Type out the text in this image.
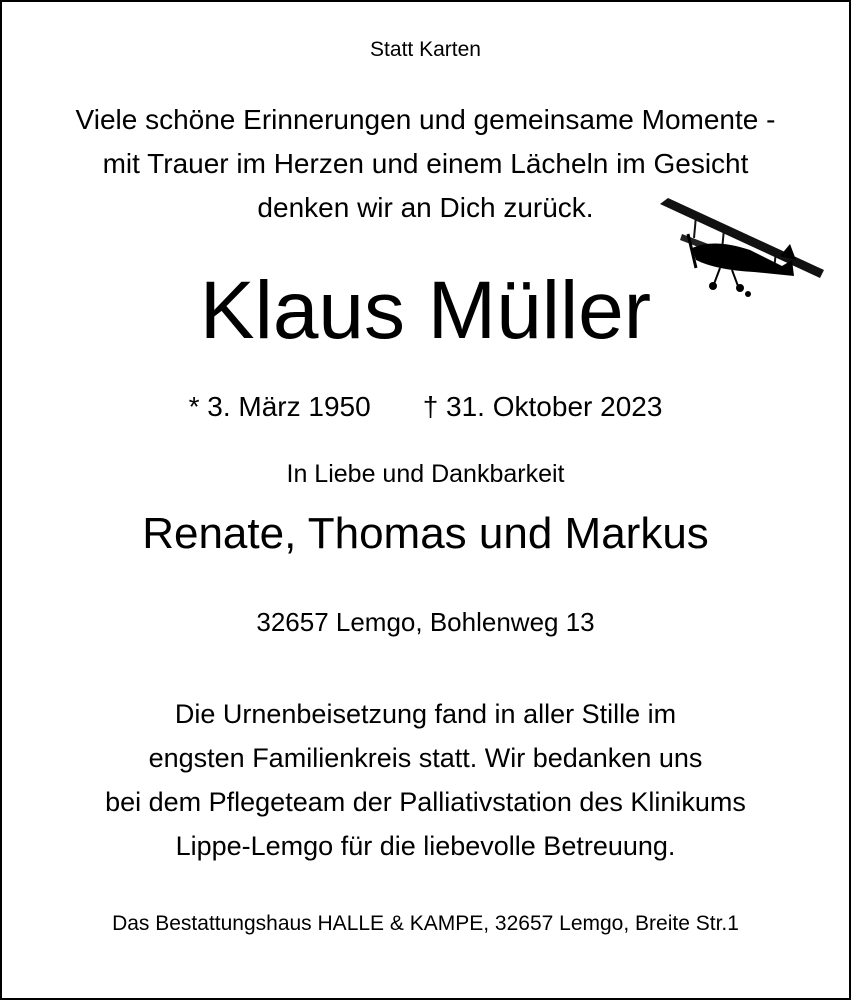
Statt Karten
Viele schöne Erinnerungen und gemeinsame Momente -
mit Trauer im Herzen und einem Lächeln im Gesicht
denken wir an Dich zurück.
Klaus Müller
* 3. März 1950 † 31. Oktober 2023
In Liebe und Dankbarkeit
Renate, Thomas und Markus
32657 Lemgo, Bohlenweg 13
Die Urnenbeisetzung fand in aller Stille im
engsten Familienkreis statt. Wir bedanken uns
bei dem Pflegeteam der Palliativstation des Klinikums
Lippe-Lemgo für die liebevolle Betreuung.
Das Bestattungshaus HALLE & KAMPE, 32657 Lemgo, Breite Str.1
